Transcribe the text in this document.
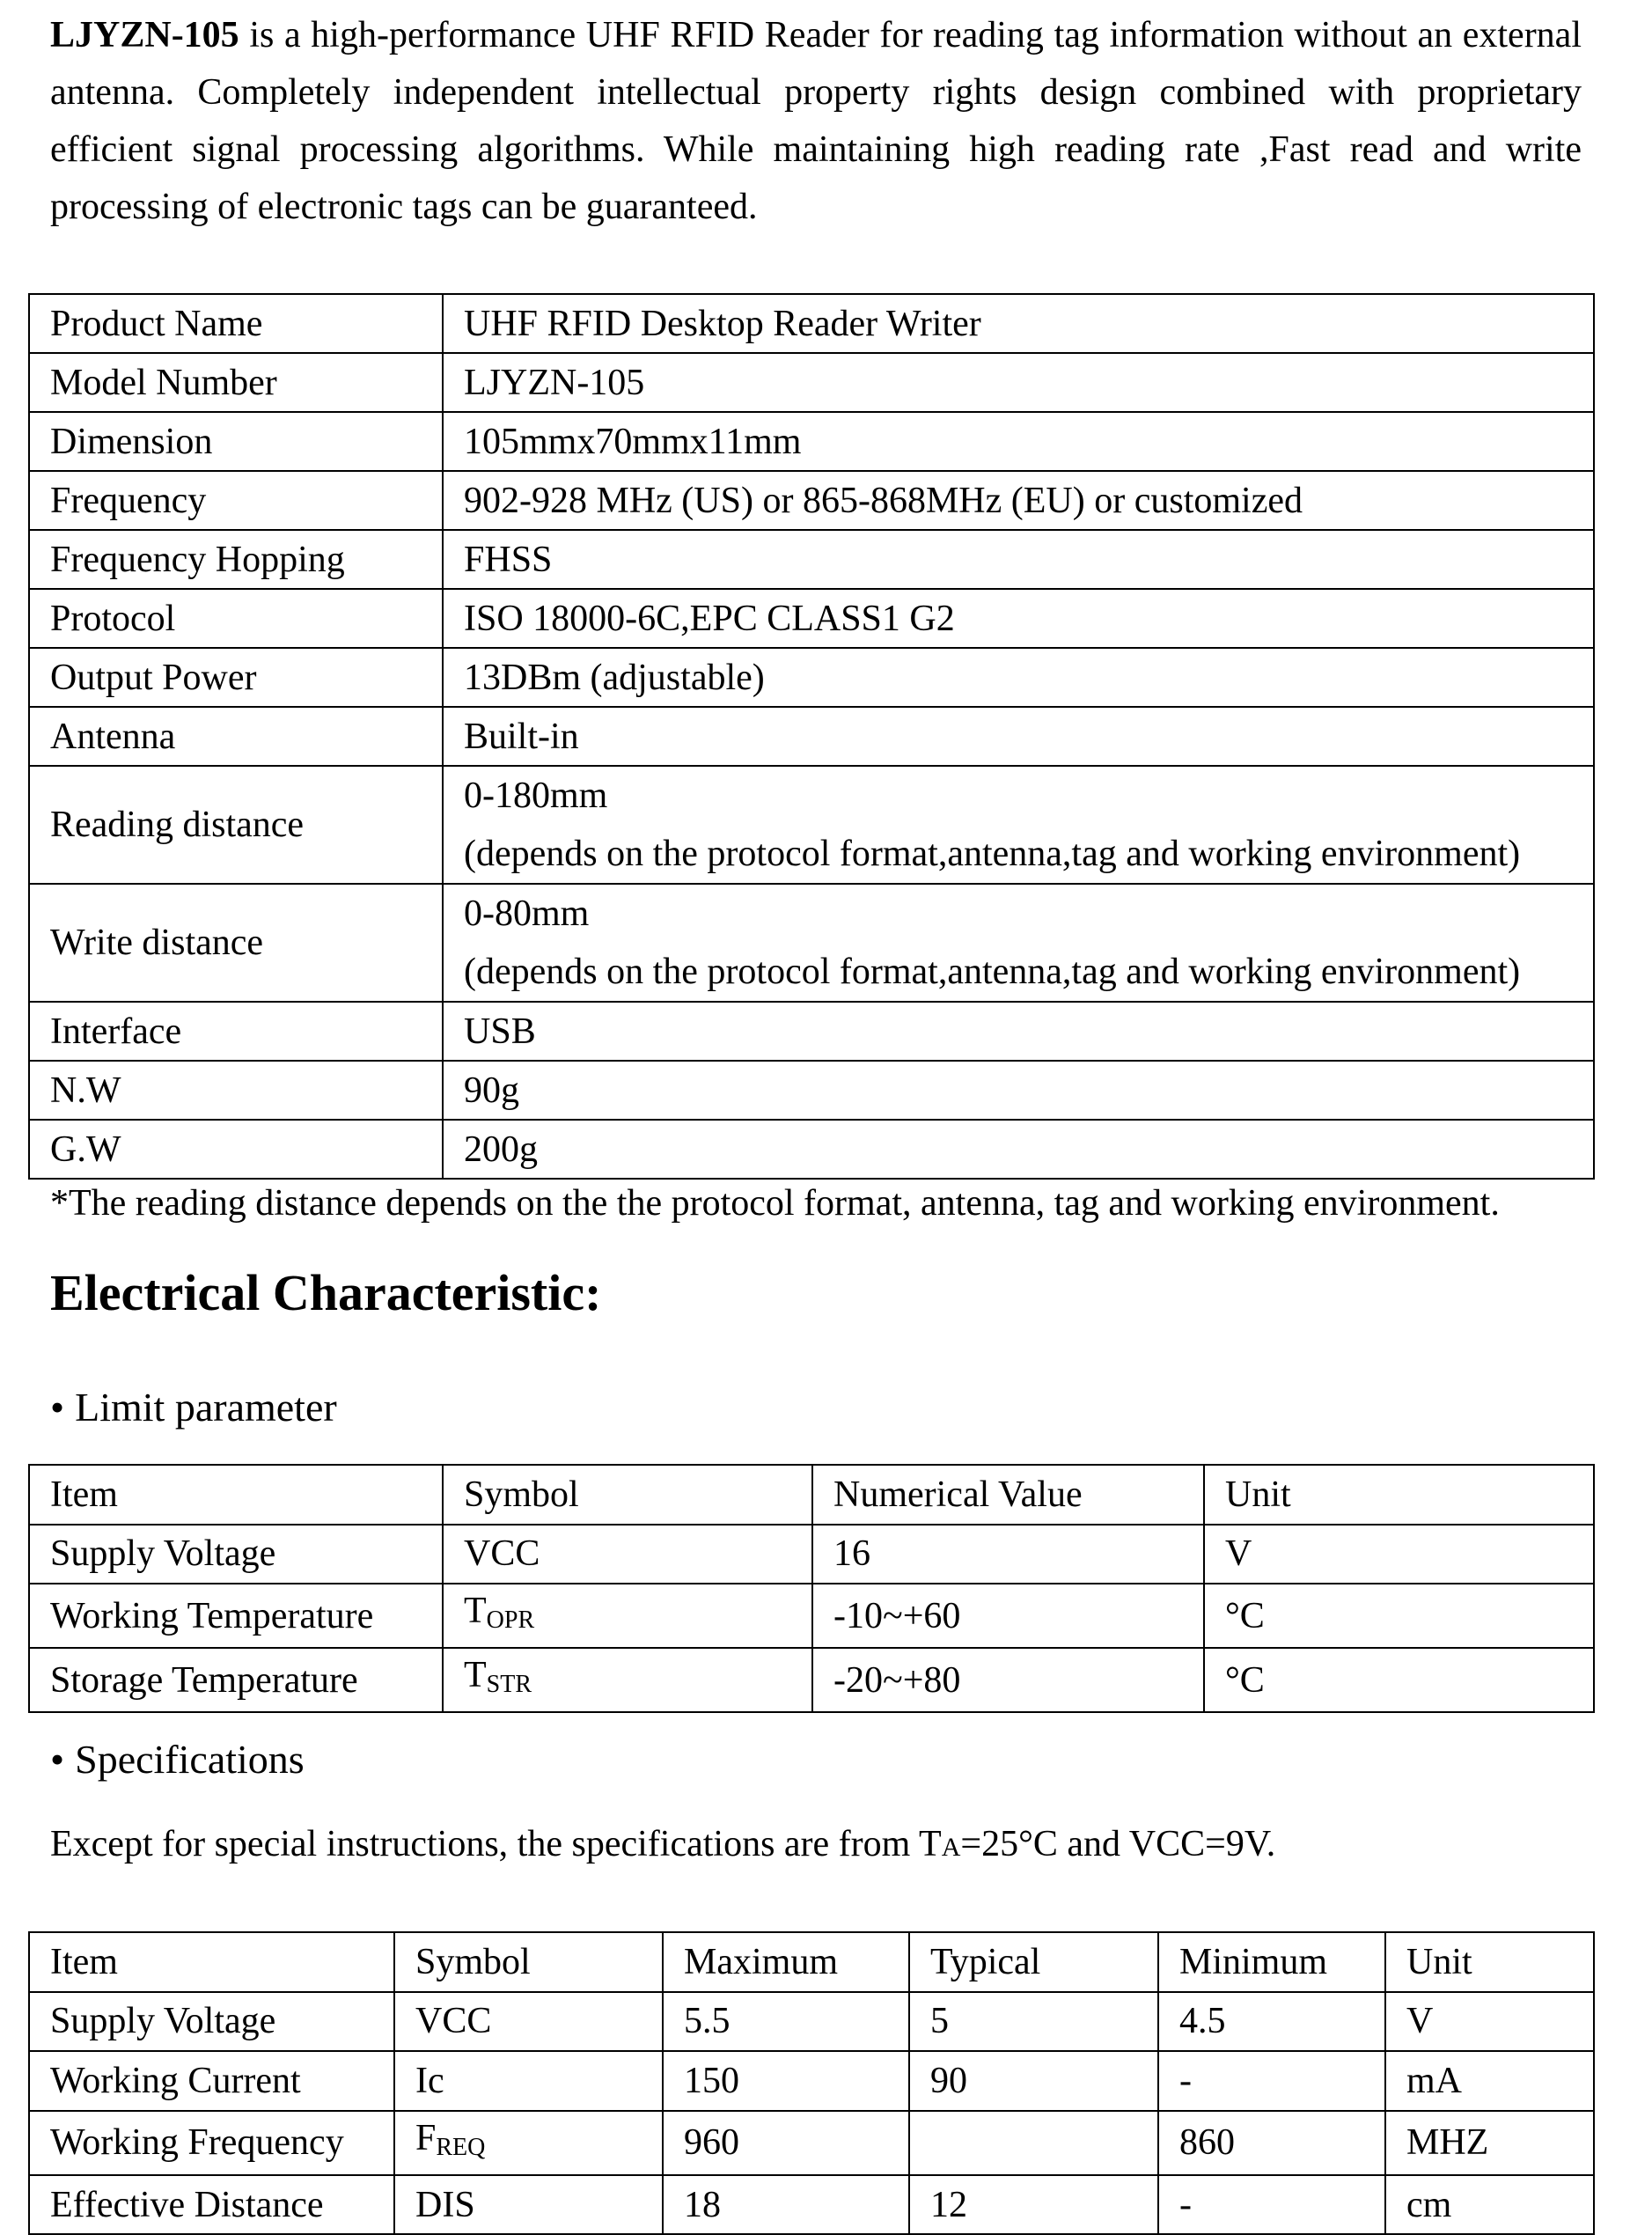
LJYZN-105 is a high-performance UHF RFID Reader for reading tag information without an external antenna. Completely independent intellectual property rights design combined with proprietary efficient signal processing algorithms. While maintaining high reading rate ,Fast read and write processing of electronic tags can be guaranteed.
Product Name	UHF RFID Desktop Reader Writer
Model Number	LJYZN-105
Dimension	105mmx70mmx11mm
Frequency	902-928 MHz (US) or 865-868MHz (EU) or customized
Frequency Hopping	FHSS
Protocol	ISO 18000-6C,EPC CLASS1 G2
Output Power	13DBm (adjustable)
Antenna	Built-in
Reading distance	0-180mm
(depends on the protocol format,antenna,tag and working environment)
Write distance	0-80mm
(depends on the protocol format,antenna,tag and working environment)
Interface	USB
N.W	90g
G.W	200g
*The reading distance depends on the the protocol format, antenna, tag and working environment.
Electrical Characteristic:
• Limit parameter
Item	Symbol	Numerical Value	Unit
Supply Voltage	VCC	16	V
Working Temperature	$T_{OPR}$	-10~+60	°C
Storage Temperature	$T_{STR}$	-20~+80	°C
• Specifications
Except for special instructions, the specifications are from TA=25°C and VCC=9V.
Item	Symbol	Maximum	Typical	Minimum	Unit
Supply Voltage	VCC	5.5	5	4.5	V
Working Current	Ic	150	90	-	mA
Working Frequency	$F_{REQ}$	960		860	MHZ
Effective Distance	DIS	18	12	-	cm
